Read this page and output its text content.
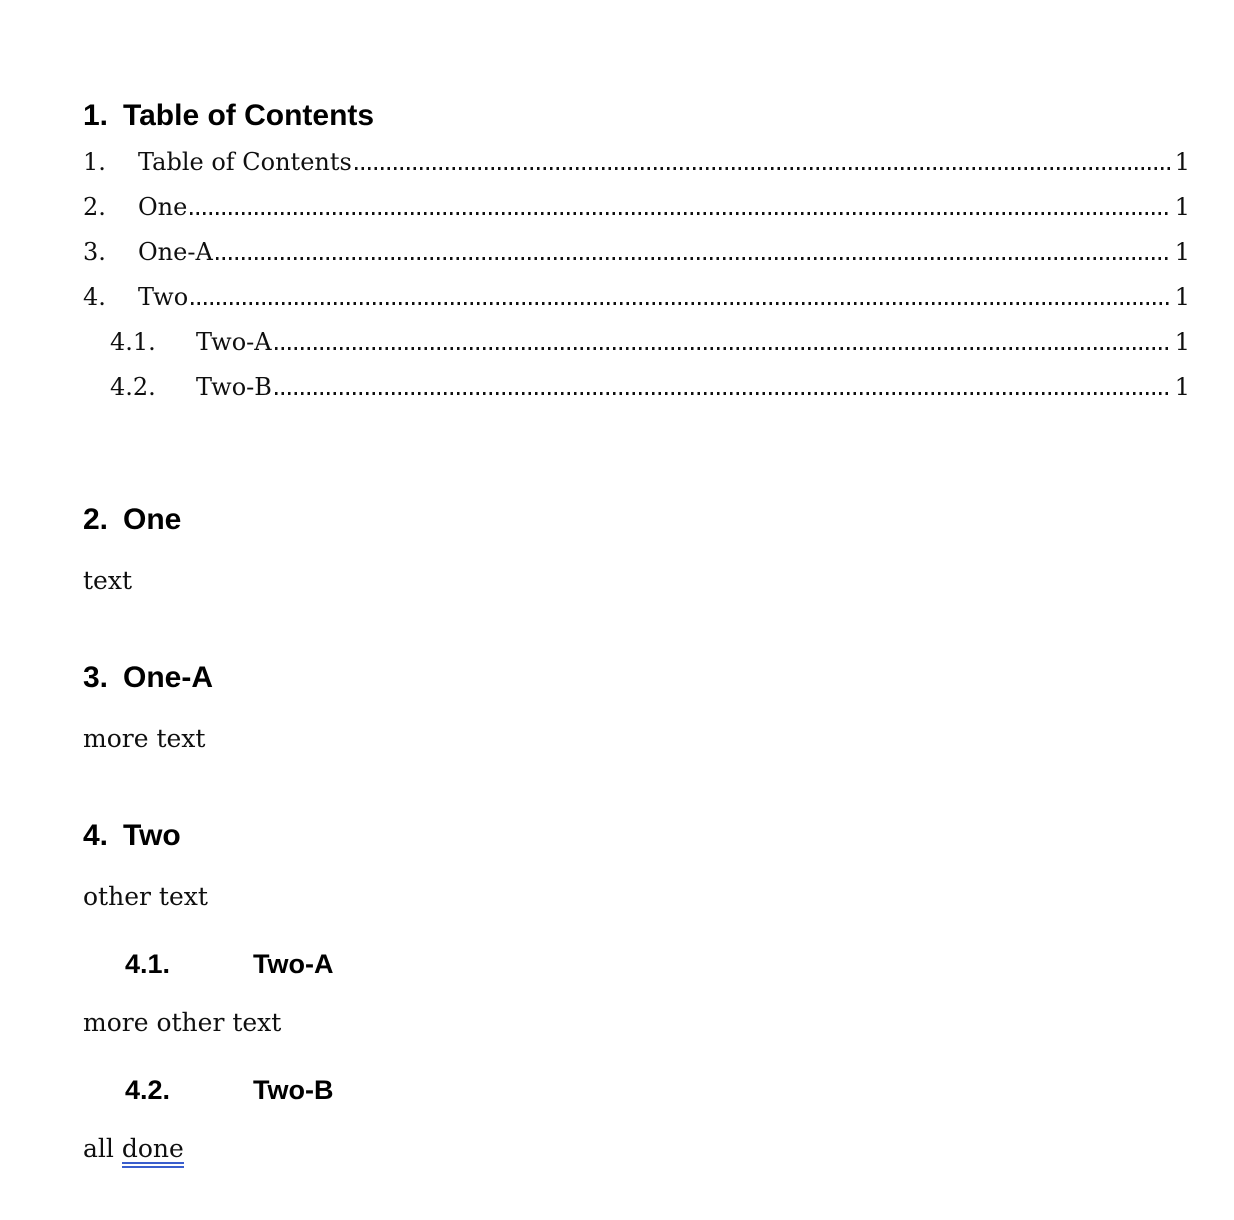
1. Table of Contents
1.	Table of Contents	1
2.	One	1
3.	One-A	1
4.	Two	1
4.1.	Two-A	1
4.2.	Two-B	1
2. One

text

3. One-A

more text

4. Two

other text

4.1.	Two-A

more other text

4.2.	Two-B

all done
